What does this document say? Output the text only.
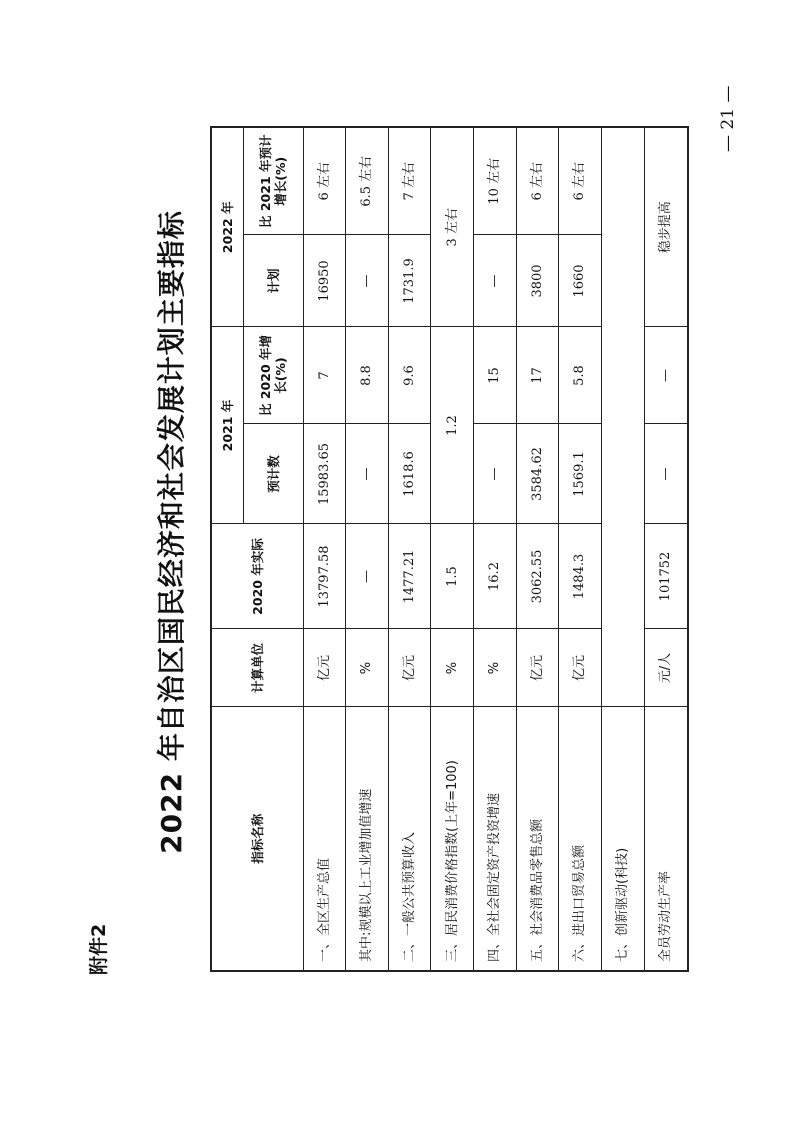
附件2
2022 年自治区国民经济和社会发展计划主要指标	指标名称	计算单位	2020 年实际	2021 年		2022 年	
			预计数	比 2020 年增长(%)	计划	比 2021 年预计增长(%)
一、全区生产总值	亿元	13797.58	15983.65	7	16950	6 左右
其中:规模以上工业增加值增速	%	—	—	8.8	—	6.5 左右
二、一般公共预算收入	亿元	1477.21	1618.6	9.6	1731.9	7 左右
三、居民消费价格指数(上年=100)	%	1.5	1.2		3 左右	
四、全社会固定资产投资增速	%	16.2	—	15	—	10 左右
五、社会消费品零售总额	亿元	3062.55	3584.62	17	3800	6 左右
六、进出口贸易总额	亿元	1484.3	1569.1	5.8	1660	6 左右
七、创新驱动(科技)						
全员劳动生产率	元/人	101752	—	—	稳步提高	
— 21 —
